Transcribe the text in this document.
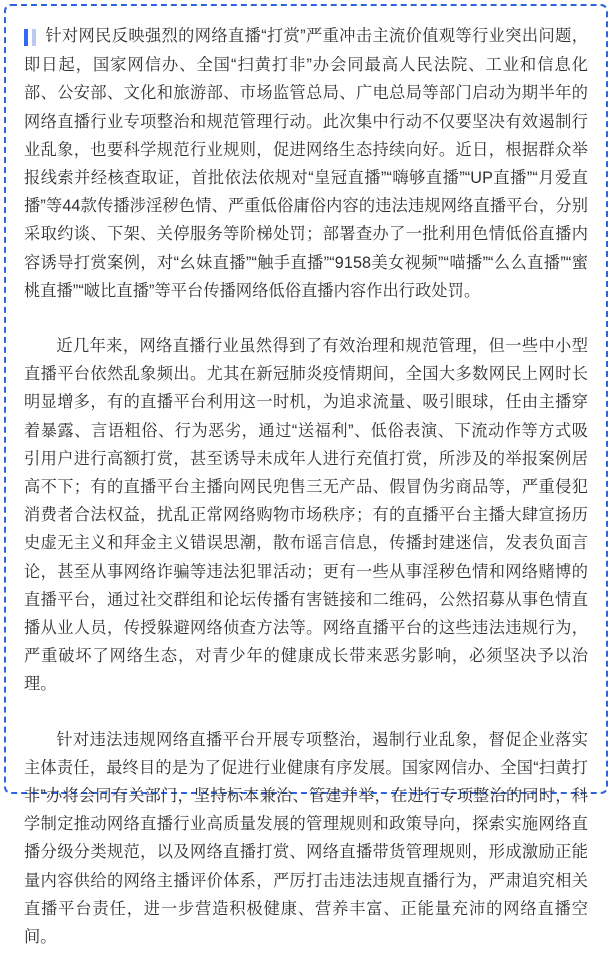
针对网民反映强烈的网络直播“打赏”严重冲击主流价值观等行业突出问题，即日起，国家网信办、全国“扫黄打非”办会同最高人民法院、工业和信息化部、公安部、文化和旅游部、市场监管总局、广电总局等部门启动为期半年的网络直播行业专项整治和规范管理行动。此次集中行动不仅要坚决有效遏制行业乱象，也要科学规范行业规则，促进网络生态持续向好。近日，根据群众举报线索并经核查取证，首批依法依规对“皇冠直播”“嗨够直播”“UP直播”“月爱直播”等44款传播涉淫秽色情、严重低俗庸俗内容的违法违规网络直播平台，分别采取约谈、下架、关停服务等阶梯处罚；部署查办了一批利用色情低俗直播内容诱导打赏案例，对“幺妹直播”“触手直播”“9158美女视频”“喵播”“么么直播”“蜜桃直播”“啵比直播”等平台传播网络低俗直播内容作出行政处罚。

近几年来，网络直播行业虽然得到了有效治理和规范管理，但一些中小型直播平台依然乱象频出。尤其在新冠肺炎疫情期间，全国大多数网民上网时长明显增多，有的直播平台利用这一时机，为追求流量、吸引眼球，任由主播穿着暴露、言语粗俗、行为恶劣，通过“送福利”、低俗表演、下流动作等方式吸引用户进行高额打赏，甚至诱导未成年人进行充值打赏，所涉及的举报案例居高不下；有的直播平台主播向网民兜售三无产品、假冒伪劣商品等，严重侵犯消费者合法权益，扰乱正常网络购物市场秩序；有的直播平台主播大肆宣扬历史虚无主义和拜金主义错误思潮，散布谣言信息，传播封建迷信，发表负面言论，甚至从事网络诈骗等违法犯罪活动；更有一些从事淫秽色情和网络赌博的直播平台，通过社交群组和论坛传播有害链接和二维码，公然招募从事色情直播从业人员，传授躲避网络侦查方法等。网络直播平台的这些违法违规行为，严重破坏了网络生态，对青少年的健康成长带来恶劣影响，必须坚决予以治理。

针对违法违规网络直播平台开展专项整治，遏制行业乱象，督促企业落实主体责任，最终目的是为了促进行业健康有序发展。国家网信办、全国“扫黄打非”办将会同有关部门，坚持标本兼治、管建并举，在进行专项整治的同时，科学制定推动网络直播行业高质量发展的管理规则和政策导向，探索实施网络直播分级分类规范，以及网络直播打赏、网络直播带货管理规则，形成激励正能量内容供给的网络主播评价体系，严厉打击违法违规直播行为，严肃追究相关直播平台责任，进一步营造积极健康、营养丰富、正能量充沛的网络直播空间。
